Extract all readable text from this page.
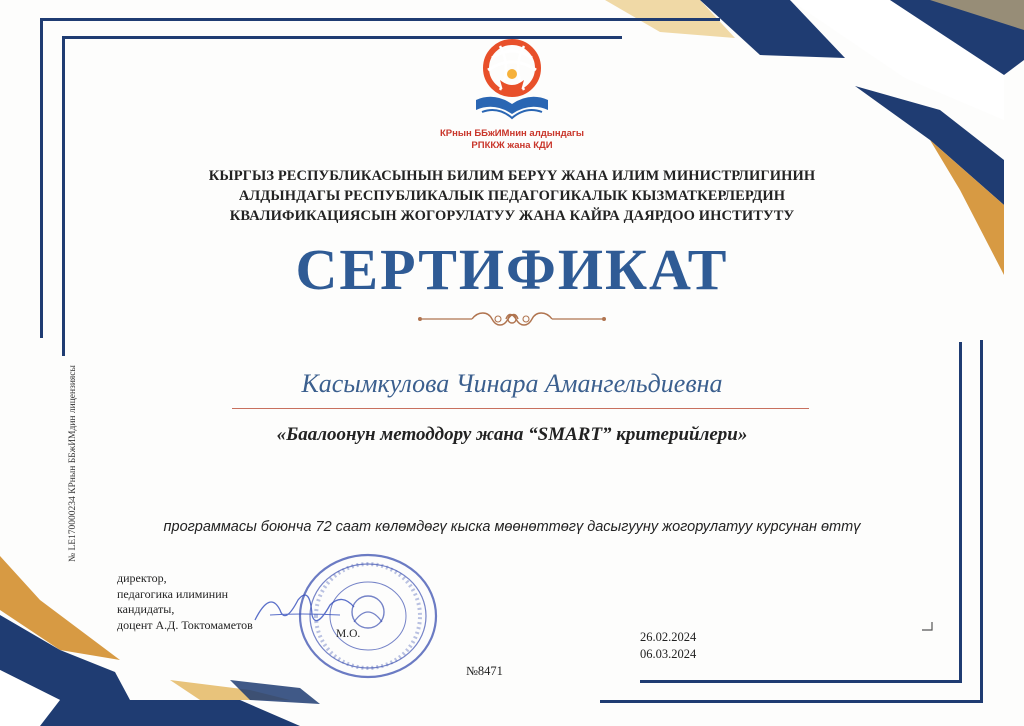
КРнын ББжИМнин алдындагы
РПККЖ жана КДИ
КЫРГЫЗ РЕСПУБЛИКАСЫНЫН БИЛИМ БЕРҮҮ ЖАНА ИЛИМ МИНИСТРЛИГИНИН
АЛДЫНДАГЫ РЕСПУБЛИКАЛЫК ПЕДАГОГИКАЛЫК КЫЗМАТКЕРЛЕРДИН
КВАЛИФИКАЦИЯСЫН ЖОГОРУЛАТУУ ЖАНА КАЙРА ДАЯРДОО ИНСТИТУТУ
СЕРТИФИКАТ
Касымкулова Чинара Амангельдиевна
«Баалоонун методдору жана “SMART” критерийлери»
программасы боюнча 72 саат көлөмдөгү кыска мөөнөттөгү дасыгууну жогорулатуу курсунан өттү
директор,
педагогика илиминин
кандидаты,
доцент А.Д. Токтомаметов
М.О.	26.02.2024
06.03.2024
№8471
№ LE170000234 КРнын ББжИМдин лицензиясы
